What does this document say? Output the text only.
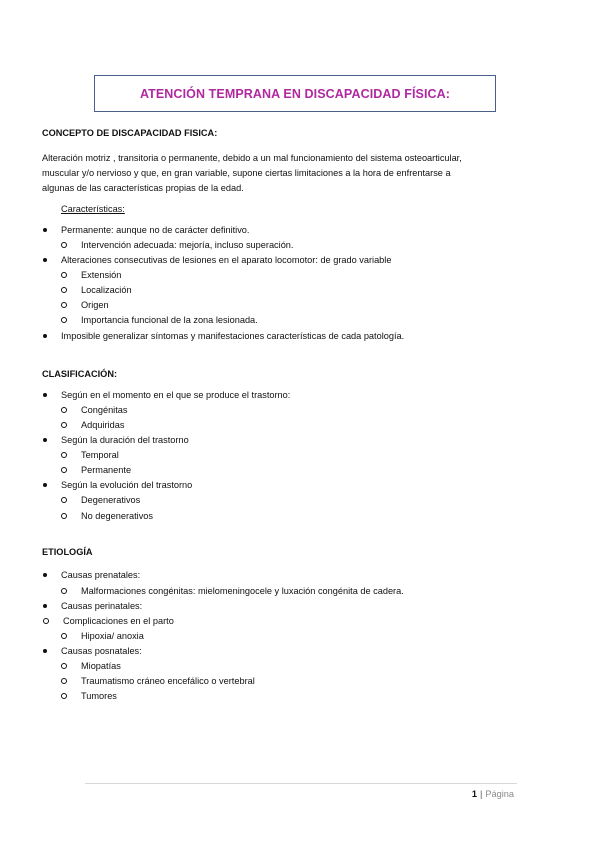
ATENCIÓN TEMPRANA EN DISCAPACIDAD FÍSICA:
CONCEPTO DE DISCAPACIDAD FISICA:
Alteración motriz , transitoria o permanente, debido a un mal funcionamiento del sistema osteoarticular,
muscular y/o nervioso y que, en gran variable, supone ciertas limitaciones a la hora de enfrentarse a
algunas de las características propias de la edad.
Características:
Permanente: aunque no de carácter definitivo.
Intervención adecuada: mejoría, incluso superación.
Alteraciones consecutivas de lesiones en el aparato locomotor: de grado variable
Extensión
Localización
Origen
Importancia funcional de la zona lesionada.
Imposible generalizar síntomas y manifestaciones características de cada patología.
CLASIFICACIÓN:
Según en el momento en el que se produce el trastorno:
Congénitas
Adquiridas
Según la duración del trastorno
Temporal
Permanente
Según la evolución del trastorno
Degenerativos
No degenerativos
ETIOLOGÍA
Causas prenatales:
Malformaciones congénitas: mielomeningocele y luxación congénita de cadera.
Causas perinatales:
Complicaciones en el parto
Hipoxia/ anoxia
Causas posnatales:
Miopatías
Traumatismo cráneo encefálico o vertebral
Tumores
1 | Página
